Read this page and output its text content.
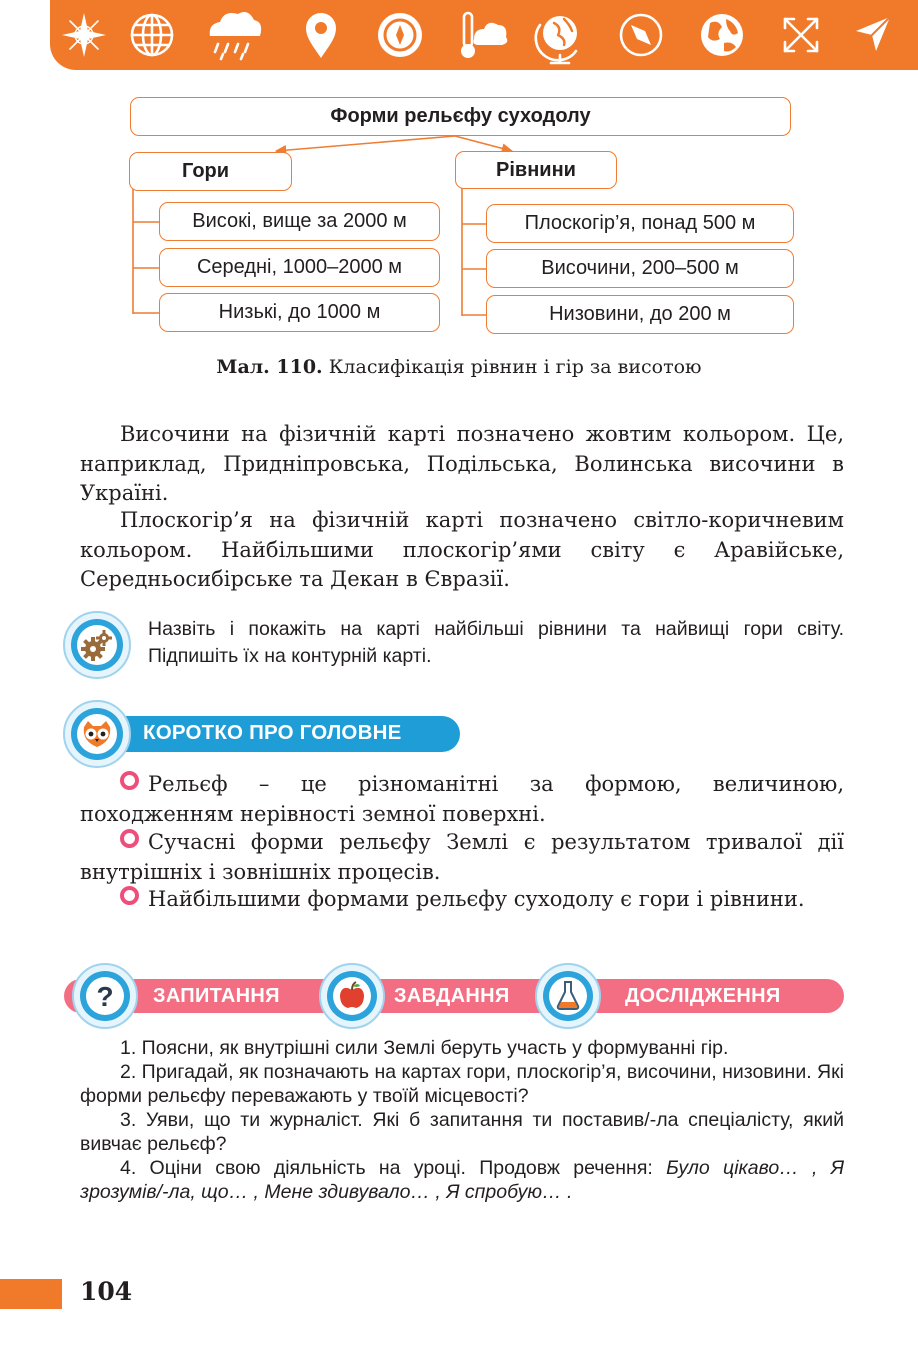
Форми рельєфу суходолу
Гори	Рівнини
Високі, вище за 2000 м
Середні, 1000–2000 м
Низькі, до 1000 м
Плоскогір’я, понад 500 м
Височини, 200–500 м
Низовини, до 200 м
Мал. 110. Класифікація рівнин і гір за висотою

Височини на фізичній карті позначено жовтим кольором. Це, наприклад, Придніпровська, Подільська, Волинська височини в Україні.

Плоскогір’я на фізичній карті позначено світло-коричневим кольором. Найбільшими плоскогір’ями світу є Аравійське, Середньосибірське та Декан в Євразії.

Назвіть і покажіть на карті найбільші рівнини та найвищі гори світу. Підпишіть їх на контурній карті.
КОРОТКО ПРО ГОЛОВНЕ

Рельєф – це різноманітні за формою, величиною, походженням нерівності земної поверхні.

Сучасні форми рельєфу Землі є результатом тривалої дії внутрішніх і зовнішніх процесів.

Найбільшими формами рельєфу суходолу є гори і рівнини.

? ЗАПИТАННЯ	ЗАВДАННЯ	ДОСЛІДЖЕННЯ

1. Поясни, як внутрішні сили Землі беруть участь у формуванні гір.

2. Пригадай, як позначають на картах гори, плоскогір’я, височини, низовини. Які форми рельєфу переважають у твоїй місцевості?

3. Уяви, що ти журналіст. Які б запитання ти поставив/-ла спеціалісту, який вивчає рельєф?

4. Оціни свою діяльність на уроці. Продовж речення: Було цікаво… , Я зрозумів/-ла, що… , Мене здивувало… , Я спробую… .

104
